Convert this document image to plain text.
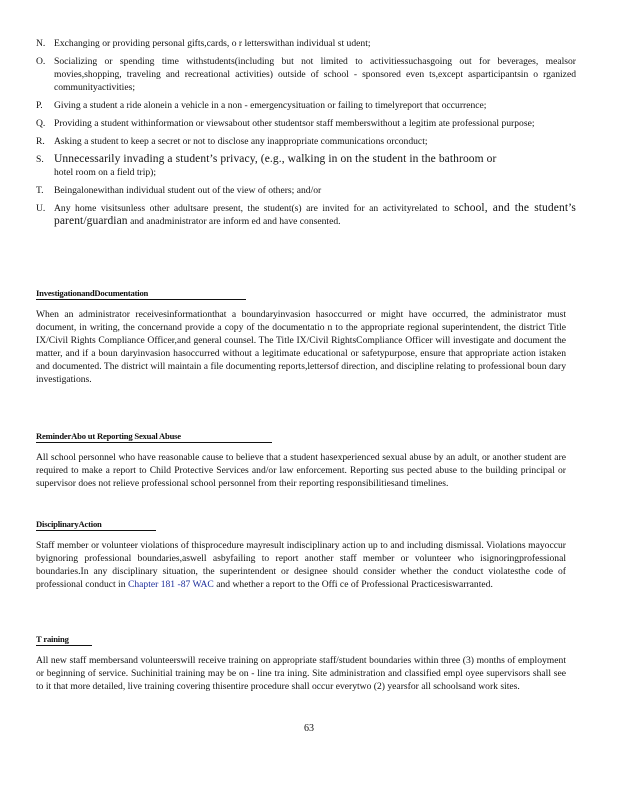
N. Exchanging or providing personal gifts,cards, o r letterswithan individual st udent;
O. Socializing or spending time withstudents(including but not limited to activitiessuchasgoing out for beverages, mealsor movies,shopping, traveling and recreational activities) outside of school - sponsored even ts,except asparticipantsin o rganized communityactivities;
P.	Giving a student a ride alonein a vehicle in a non - emergencysituation or failing to timelyreport that occurrence;
Q. Providing a student withinformation or viewsabout other studentsor staff memberswithout a legitim ate professional purpose;
R. Asking a student to keep a secret or not to disclose any inappropriate communications orconduct;
S. Unnecessarily invading a student’s privacy, (e.g., walking in on the student in the bathroom or
hotel room on a field trip);
T.	Beingalonewithan individual student out of the view of others; and/or
U. Any home visitsunless other adultsare present, the student(s) are invited for an activityrelated to school, and the student’s parent/guardian and anadministrator are inform ed and have consented.
InvestigationandDocumentation
When an administrator receivesinformationthat a boundaryinvasion hasoccurred or might have occurred, the administrator must document, in writing, the concernand provide a copy of the documentatio n to the appropriate regional superintendent, the district Title IX/Civil Rights Compliance Officer,and general counsel. The Title IX/Civil RightsCompliance Officer will investigate and document the matter, and if a boun daryinvasion hasoccurred without a legitimate educational or safetypurpose, ensure that appropriate action istaken and documented. The district will maintain a file documenting reports,lettersof direction, and discipline relating to professional boun dary investigations.
ReminderAbo ut Reporting Sexual Abuse
All school personnel who have reasonable cause to believe that a student hasexperienced sexual abuse by an adult, or another student are required to make a report to Child Protective Services and/or law enforcement. Reporting sus pected abuse to the building principal or supervisor does not relieve professional school personnel from their reporting responsibilitiesand timelines.
DisciplinaryAction
Staff member or volunteer violations of thisprocedure mayresult indisciplinary action up to and including dismissal. Violations mayoccur byignoring professional boundaries,aswell asbyfailing to report another staff member or volunteer who isignoringprofessional boundaries.In any disciplinary situation, the superintendent or designee should consider whether the conduct violatesthe code of professional conduct in Chapter 181 -87 WAC and whether a report to the Offi ce of Professional Practicesiswarranted.
T raining
All new staff membersand volunteerswill receive training on appropriate staff/student boundaries within three (3) months of employment or beginning of service. Suchinitial training may be on - line tra ining. Site administration and classified empl oyee supervisors shall see to it that more detailed, live training covering thisentire procedure shall occur everytwo (2) yearsfor all schoolsand work sites.
63
